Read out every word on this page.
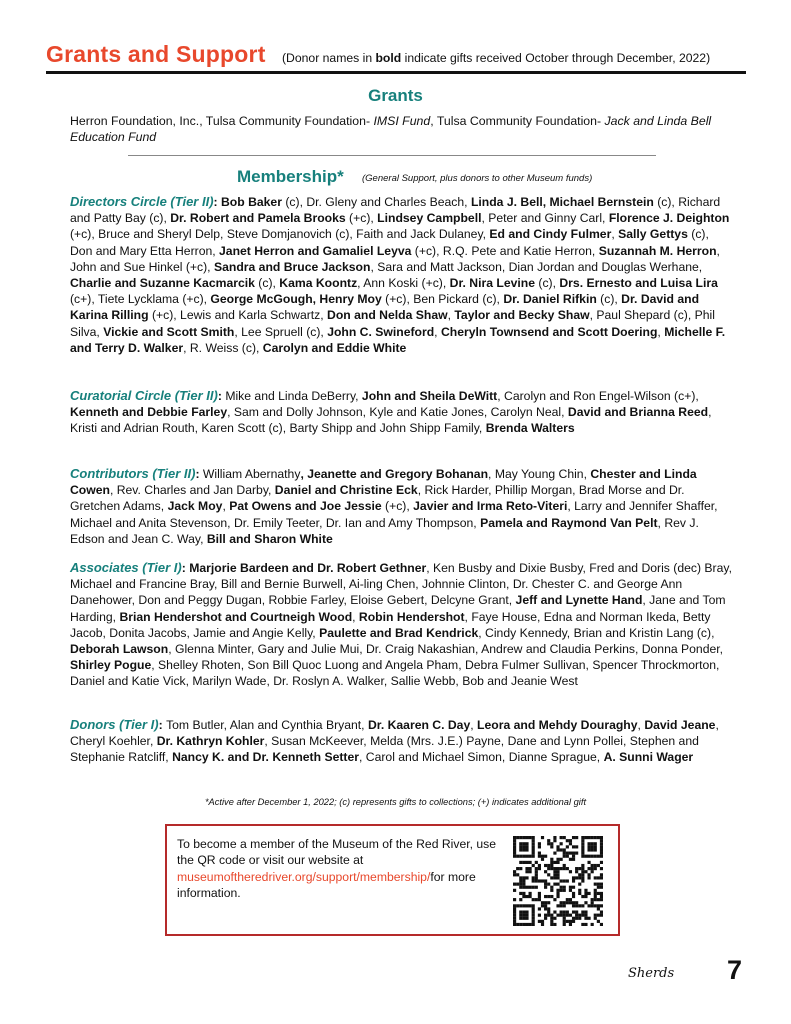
Grants and Support (Donor names in bold indicate gifts received October through December, 2022)
Grants
Herron Foundation, Inc., Tulsa Community Foundation- IMSI Fund, Tulsa Community Foundation- Jack and Linda Bell Education Fund
Membership* (General Support, plus donors to other Museum funds)
Directors Circle (Tier II): Bob Baker (c), Dr. Gleny and Charles Beach, Linda J. Bell, Michael Bernstein (c), Richard and Patty Bay (c), Dr. Robert and Pamela Brooks (+c), Lindsey Campbell, Peter and Ginny Carl, Florence J. Deighton (+c), Bruce and Sheryl Delp, Steve Domjanovich (c), Faith and Jack Dulaney, Ed and Cindy Fulmer, Sally Gettys (c), Don and Mary Etta Herron, Janet Herron and Gamaliel Leyva (+c), R.Q. Pete and Katie Herron, Suzannah M. Herron, John and Sue Hinkel (+c), Sandra and Bruce Jackson, Sara and Matt Jackson, Dian Jordan and Douglas Werhane, Charlie and Suzanne Kacmarcik (c), Kama Koontz, Ann Koski (+c), Dr. Nira Levine (c), Drs. Ernesto and Luisa Lira (c+), Tiete Lycklama (+c), George McGough, Henry Moy (+c), Ben Pickard (c), Dr. Daniel Rifkin (c), Dr. David and Karina Rilling (+c), Lewis and Karla Schwartz, Don and Nelda Shaw, Taylor and Becky Shaw, Paul Shepard (c), Phil Silva, Vickie and Scott Smith, Lee Spruell (c), John C. Swineford, Cheryln Townsend and Scott Doering, Michelle F. and Terry D. Walker, R. Weiss (c), Carolyn and Eddie White
Curatorial Circle (Tier II): Mike and Linda DeBerry, John and Sheila DeWitt, Carolyn and Ron Engel-Wilson (c+), Kenneth and Debbie Farley, Sam and Dolly Johnson, Kyle and Katie Jones, Carolyn Neal, David and Brianna Reed, Kristi and Adrian Routh, Karen Scott (c), Barty Shipp and John Shipp Family, Brenda Walters
Contributors (Tier II): William Abernathy, Jeanette and Gregory Bohanan, May Young Chin, Chester and Linda Cowen, Rev. Charles and Jan Darby, Daniel and Christine Eck, Rick Harder, Phillip Morgan, Brad Morse and Dr. Gretchen Adams, Jack Moy, Pat Owens and Joe Jessie (+c), Javier and Irma Reto-Viteri, Larry and Jennifer Shaffer, Michael and Anita Stevenson, Dr. Emily Teeter, Dr. Ian and Amy Thompson, Pamela and Raymond Van Pelt, Rev J. Edson and Jean C. Way, Bill and Sharon White
Associates (Tier I): Marjorie Bardeen and Dr. Robert Gethner, Ken Busby and Dixie Busby, Fred and Doris (dec) Bray, Michael and Francine Bray, Bill and Bernie Burwell, Ai-ling Chen, Johnnie Clinton, Dr. Chester C. and George Ann Danehower, Don and Peggy Dugan, Robbie Farley, Eloise Gebert, Delcyne Grant, Jeff and Lynette Hand, Jane and Tom Harding, Brian Hendershot and Courtneigh Wood, Robin Hendershot, Faye House, Edna and Norman Ikeda, Betty Jacob, Donita Jacobs, Jamie and Angie Kelly, Paulette and Brad Kendrick, Cindy Kennedy, Brian and Kristin Lang (c), Deborah Lawson, Glenna Minter, Gary and Julie Mui, Dr. Craig Nakashian, Andrew and Claudia Perkins, Donna Ponder, Shirley Pogue, Shelley Rhoten, Son Bill Quoc Luong and Angela Pham, Debra Fulmer Sullivan, Spencer Throckmorton, Daniel and Katie Vick, Marilyn Wade, Dr. Roslyn A. Walker, Sallie Webb, Bob and Jeanie West
Donors (Tier I): Tom Butler, Alan and Cynthia Bryant, Dr. Kaaren C. Day, Leora and Mehdy Douraghy, David Jeane, Cheryl Koehler, Dr. Kathryn Kohler, Susan McKeever, Melda (Mrs. J.E.) Payne, Dane and Lynn Pollei, Stephen and Stephanie Ratcliff, Nancy K. and Dr. Kenneth Setter, Carol and Michael Simon, Dianne Sprague, A. Sunni Wager
*Active after December 1, 2022; (c) represents gifts to collections; (+) indicates additional gift
To become a member of the Museum of the Red River, use the QR code or visit our website at museumoftheredriver.org/support/membership/for more information.
Sherds 7
